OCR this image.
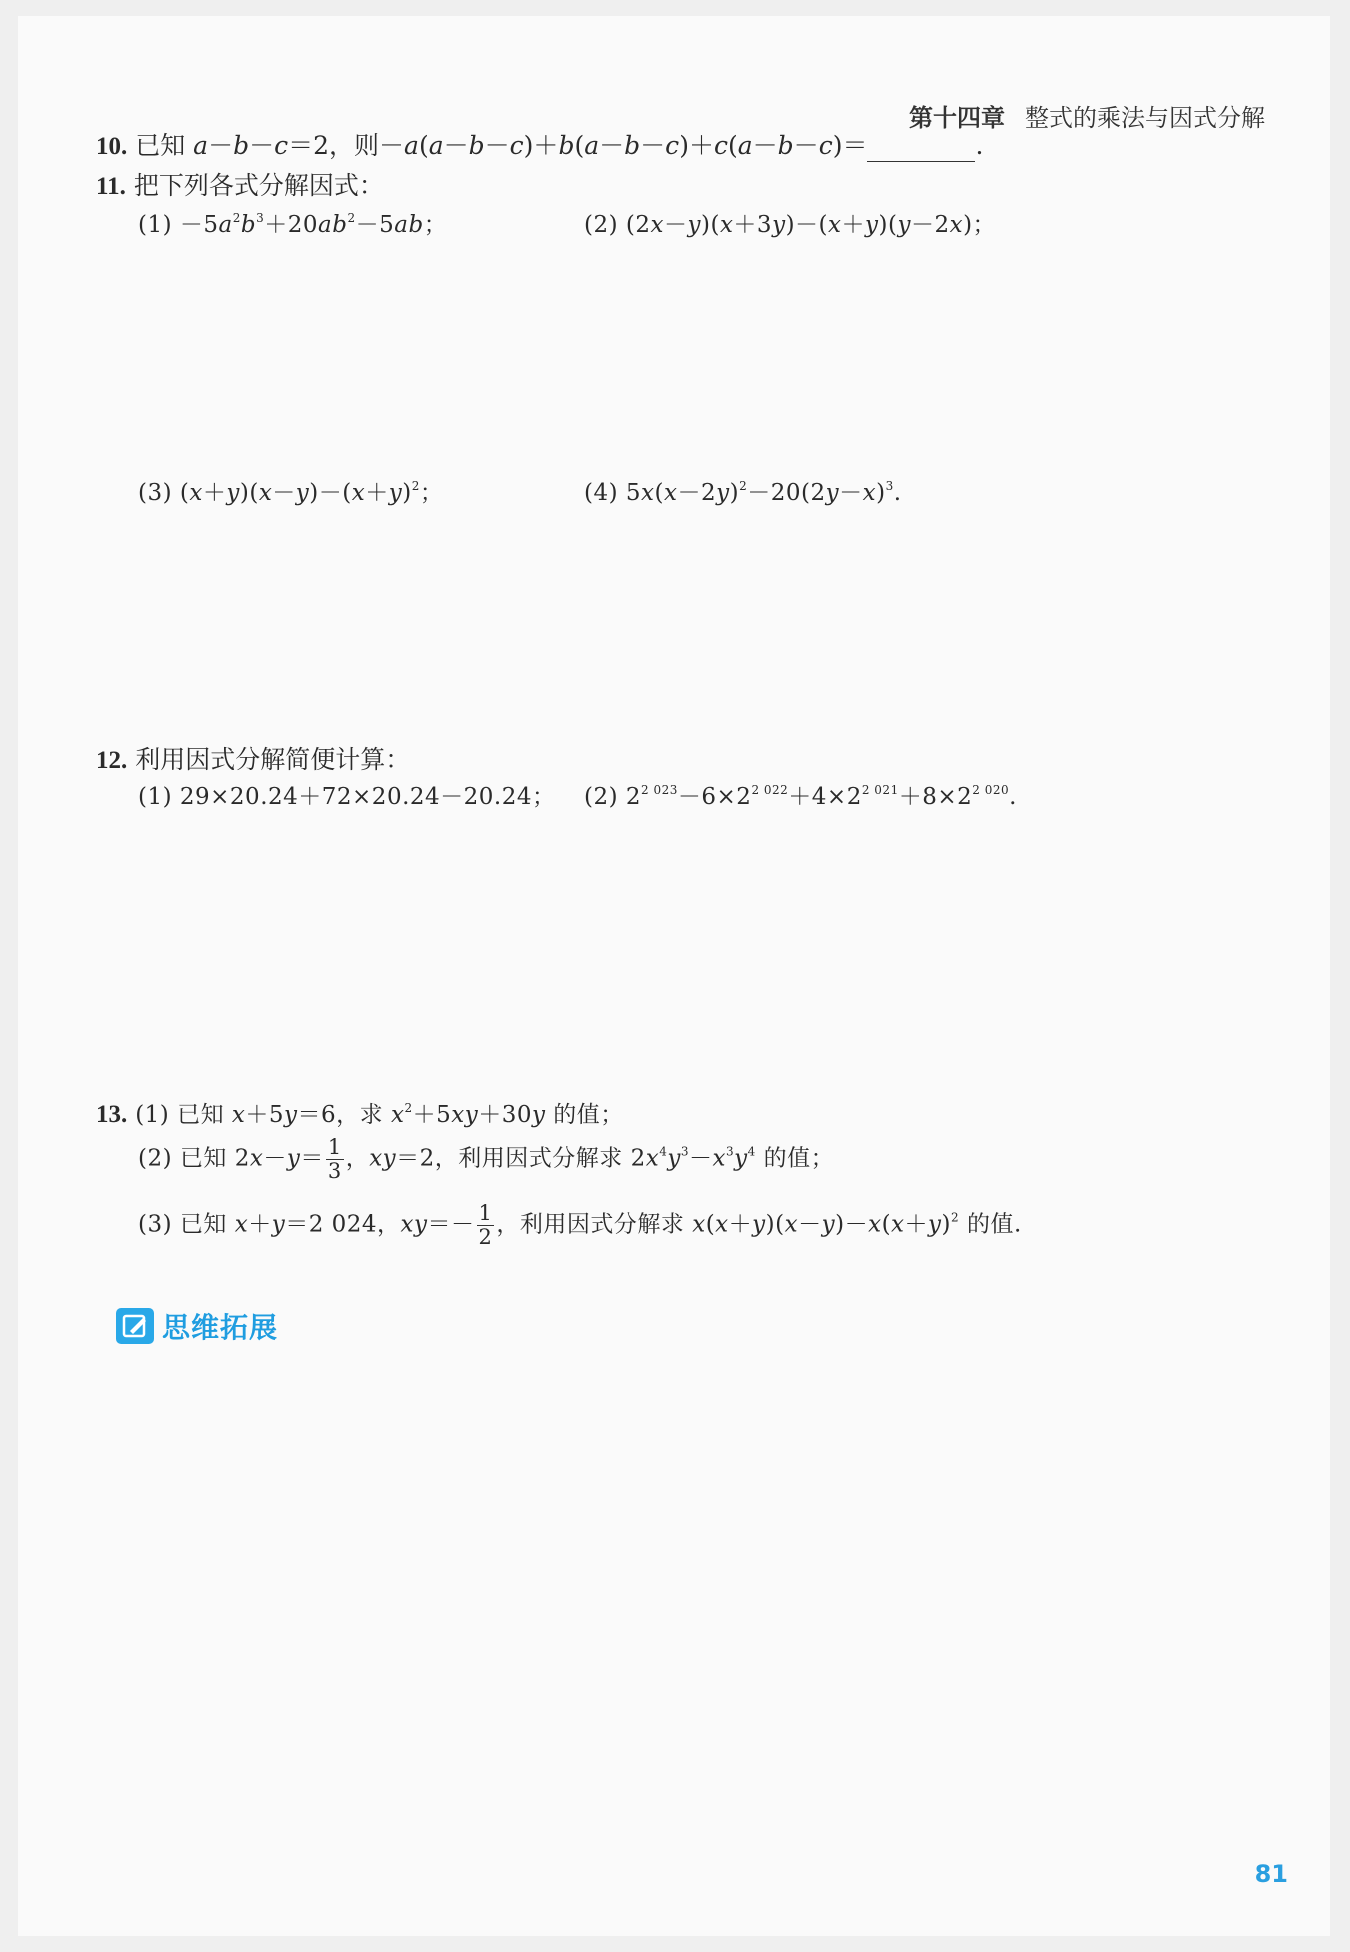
第十四章 整式的乘法与因式分解
10. 已知 a－b－c＝2，则－a(a－b－c)＋b(a－b－c)＋c(a－b－c)＝	.
11. 把下列各式分解因式：
$(1) -5a^2b^3+20ab^2-5ab$；	(2) (2x－y)(x＋3y)－(x＋y)(y－2x)；
(3) $(x+y)(x-y)-(x+y)^2$；	(4) $5x(x-2y)^2-20(2y-x)^3$.
12. 利用因式分解简便计算：
(1) 29×20.24＋72×20.24－20.24； (2) $2^{2 023}-6\times 2^{2 022}+4\times 2^{2 021}+8\times 2^{2 020}$.
思维拓展
13. (1) 已知 x＋5y＝6，求 $x^2+5xy+30y$ 的值；
(2) 已知 $2x-y= \frac{1}{3}$ ，xy＝2，利用因式分解求 $2x^4y^3-x^3y^4$ 的值；
(3) 已知 x＋y＝2 024，$xy=- \frac{1}{2}$ ，利用因式分解求 $x(x+y)(x-y)-x(x+y)^2$ 的值.
81
